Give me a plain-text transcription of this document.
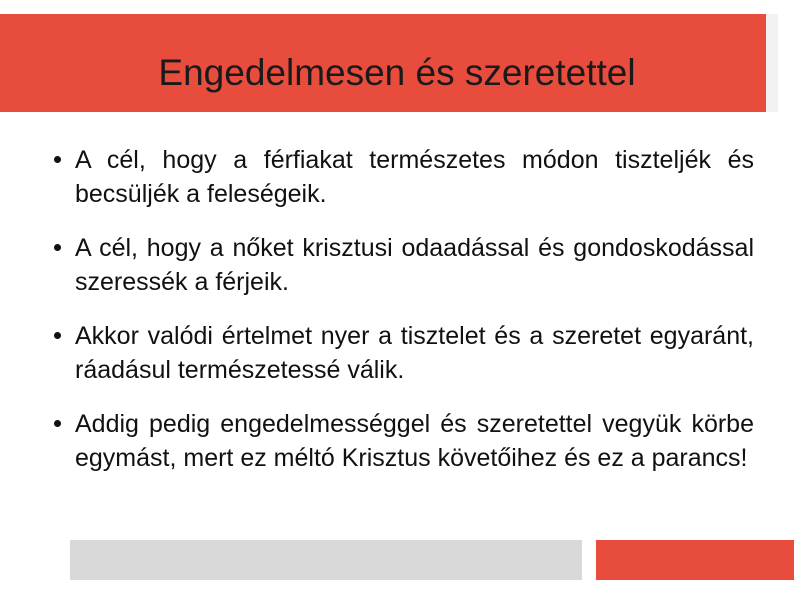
Engedelmesen és szeretettel
A cél, hogy a férfiakat természetes módon tiszteljék és becsüljék a feleségeik.
A cél, hogy a nőket krisztusi odaadással és gondoskodással szeressék a férjeik.
Akkor valódi értelmet nyer a tisztelet és a szeretet egyaránt, ráadásul természetessé válik.
Addig pedig engedelmességgel és szeretettel vegyük körbe egymást, mert ez méltó Krisztus követőihez és ez a parancs!
